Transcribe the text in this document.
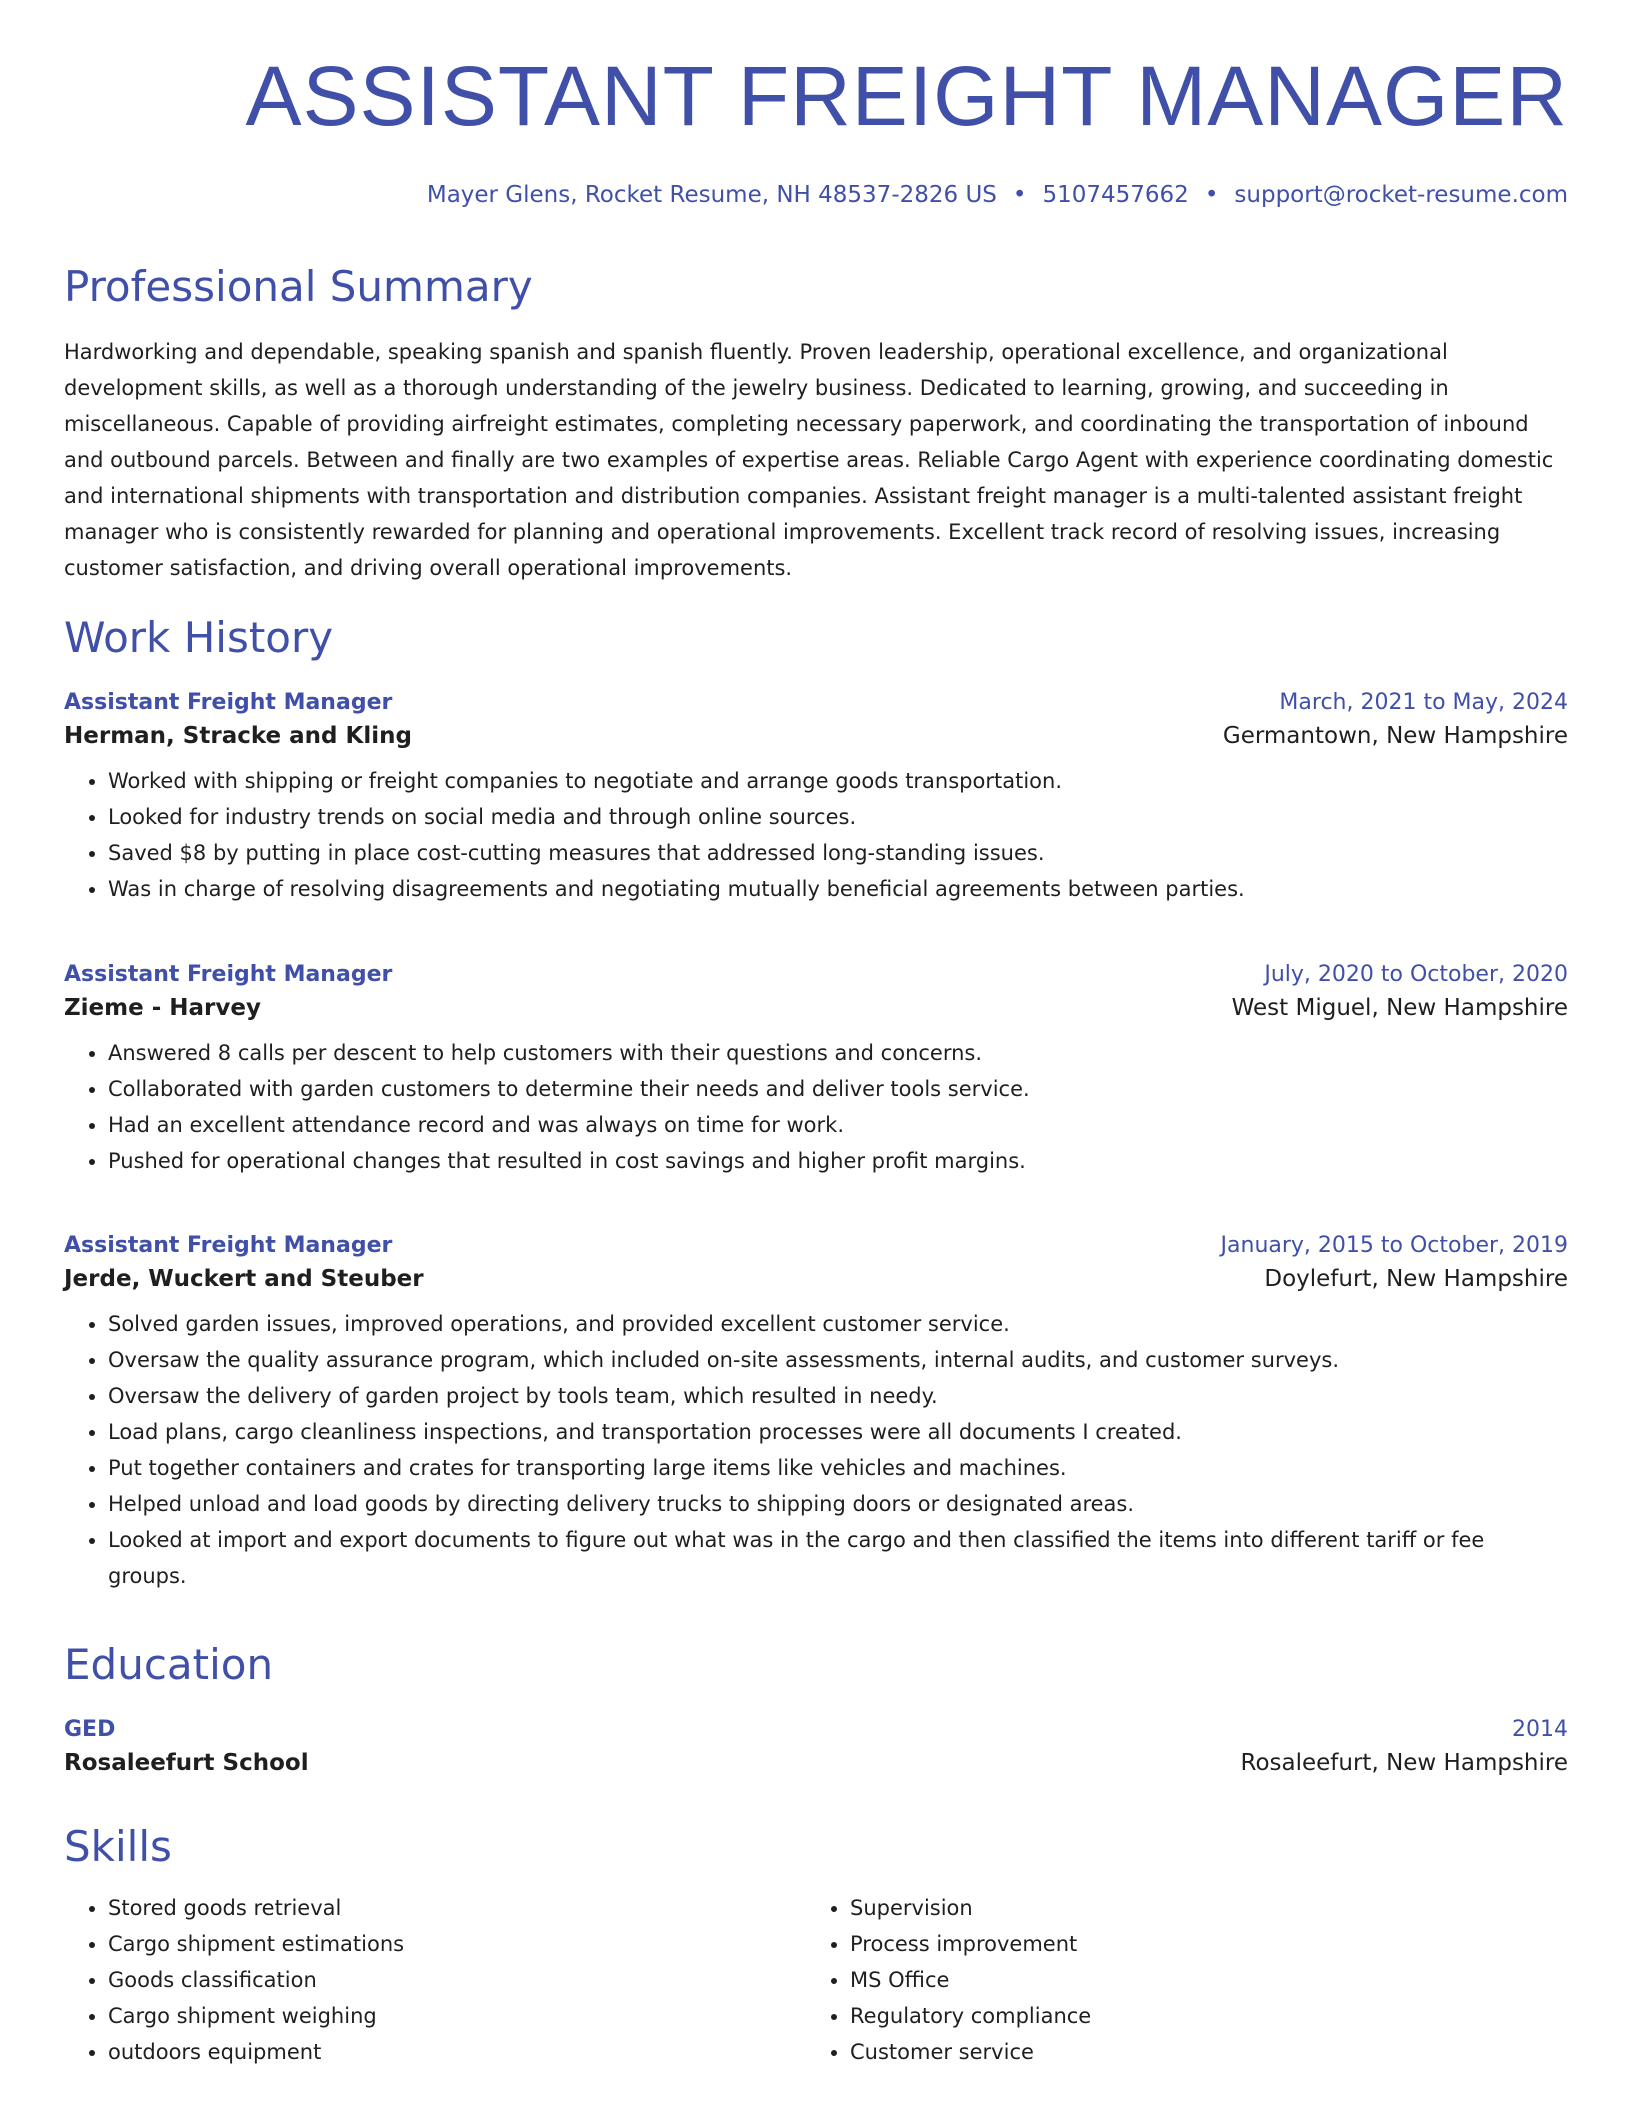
ASSISTANT FREIGHT MANAGER
Mayer Glens, Rocket Resume, NH 48537-2826 US • 5107457662 • support@rocket-resume.com
Professional Summary

Hardworking and dependable, speaking spanish and spanish fluently. Proven leadership, operational excellence, and organizational development skills, as well as a thorough understanding of the jewelry business. Dedicated to learning, growing, and succeeding in miscellaneous. Capable of providing airfreight estimates, completing necessary paperwork, and coordinating the transportation of inbound and outbound parcels. Between and finally are two examples of expertise areas. Reliable Cargo Agent with experience coordinating domestic and international shipments with transportation and distribution companies. Assistant freight manager is a multi-talented assistant freight manager who is consistently rewarded for planning and operational improvements. Excellent track record of resolving issues, increasing customer satisfaction, and driving overall operational improvements.

Work History
Assistant Freight Manager	March, 2021 to May, 2024
Herman, Stracke and Kling	Germantown, New Hampshire
• Worked with shipping or freight companies to negotiate and arrange goods transportation.
• Looked for industry trends on social media and through online sources.
• Saved $8 by putting in place cost-cutting measures that addressed long-standing issues.
• Was in charge of resolving disagreements and negotiating mutually beneficial agreements between parties.
Assistant Freight Manager	July, 2020 to October, 2020
Zieme - Harvey	West Miguel, New Hampshire
• Answered 8 calls per descent to help customers with their questions and concerns.
• Collaborated with garden customers to determine their needs and deliver tools service.
• Had an excellent attendance record and was always on time for work.
• Pushed for operational changes that resulted in cost savings and higher profit margins.
Assistant Freight Manager	January, 2015 to October, 2019
Jerde, Wuckert and Steuber	Doylefurt, New Hampshire
• Solved garden issues, improved operations, and provided excellent customer service.
• Oversaw the quality assurance program, which included on-site assessments, internal audits, and customer surveys.
• Oversaw the delivery of garden project by tools team, which resulted in needy.
• Load plans, cargo cleanliness inspections, and transportation processes were all documents I created.
• Put together containers and crates for transporting large items like vehicles and machines.
• Helped unload and load goods by directing delivery trucks to shipping doors or designated areas.
• Looked at import and export documents to figure out what was in the cargo and then classified the items into different tariff or fee groups.
Education
GED	2014
Rosaleefurt School	Rosaleefurt, New Hampshire
Skills
• Stored goods retrieval
• Cargo shipment estimations
• Goods classification
• Cargo shipment weighing
• outdoors equipment
• Supervision
• Process improvement
• MS Office
• Regulatory compliance
• Customer service
